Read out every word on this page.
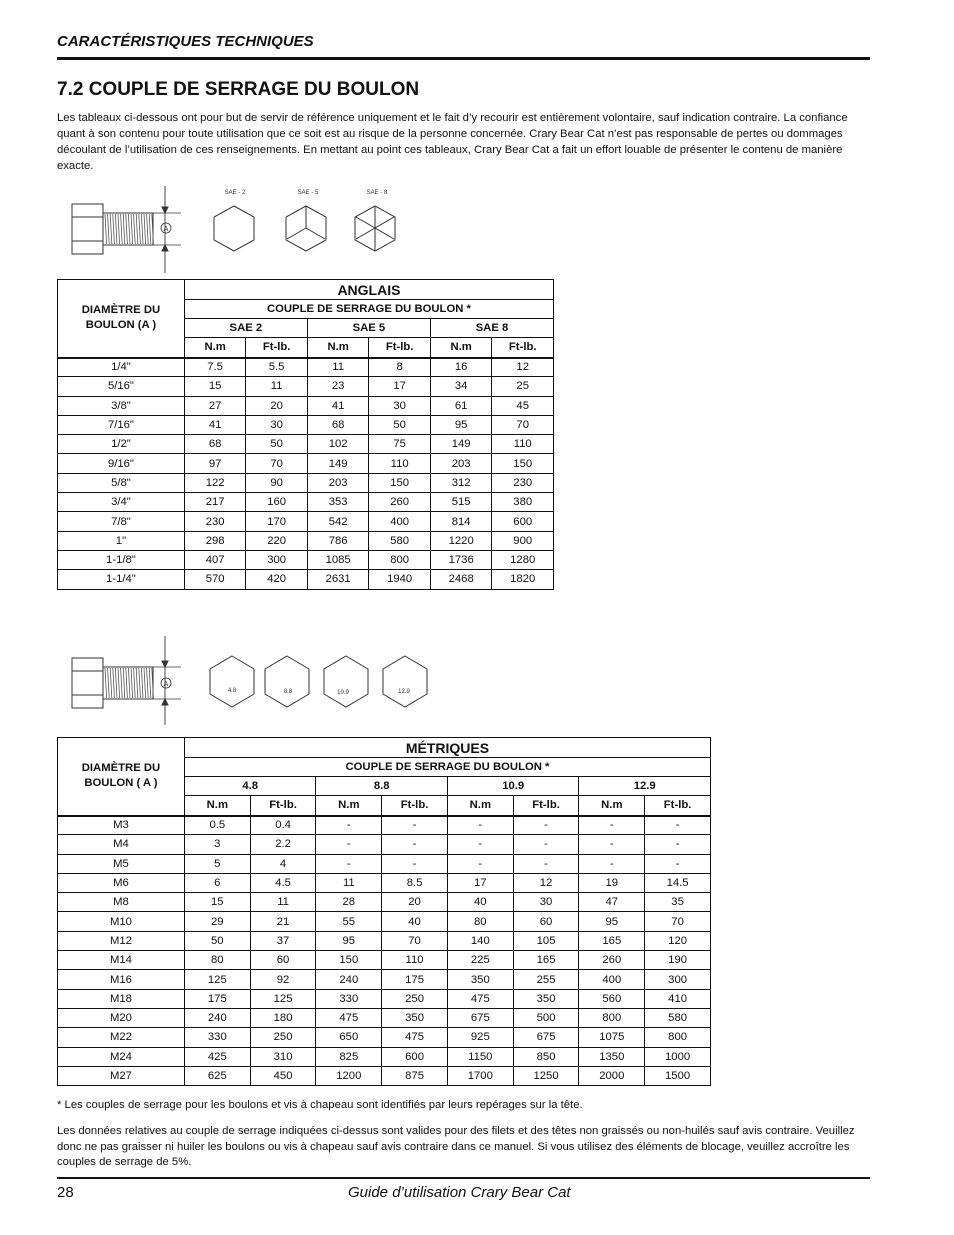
CARACTÉRISTIQUES TECHNIQUES
7.2 COUPLE DE SERRAGE DU BOULON
Les tableaux ci-dessous ont pour but de servir de référence uniquement et le fait d’y recourir est entièrement volontaire, sauf indication contraire. La confiance quant à son contenu pour toute utilisation que ce soit est au risque de la personne concernée. Crary Bear Cat n’est pas responsable de pertes ou dommages découlant de l’utilisation de ces renseignements. En mettant au point ces tableaux, Crary Bear Cat a fait un effort louable de présenter le contenu de manière exacte.
A
SAE - 2	SAE - 5	SAE - 8
DIAMÈTRE DU BOULON (A )	ANGLAIS					
	COUPLE DE SERRAGE DU BOULON *					
	SAE 2		SAE 5		SAE 8	
	N.m	Ft-lb.	N.m	Ft-lb.	N.m	Ft-lb.
1/4"	7.5	5.5	11	8	16	12
5/16"	15	11	23	17	34	25
3/8"	27	20	41	30	61	45
7/16"	41	30	68	50	95	70
1/2"	68	50	102	75	149	110
9/16"	97	70	149	110	203	150
5/8"	122	90	203	150	312	230
3/4"	217	160	353	260	515	380
7/8"	230	170	542	400	814	600
1"	298	220	786	580	1220	900
1-1/8"	407	300	1085	800	1736	1280
1-1/4"	570	420	2631	1940	2468	1820
A
4.8	8.8	10.9	12.9
DIAMÈTRE DU BOULON ( A )	MÉTRIQUES							
	COUPLE DE SERRAGE DU BOULON *							
	4.8		8.8		10.9		12.9	
	N.m	Ft-lb.	N.m	Ft-lb.	N.m	Ft-lb.	N.m	Ft-lb.
M3	0.5	0.4	-	-	-	-	-	-
M4	3	2.2	-	-	-	-	-	-
M5	5	4	-	-	-	-	-	-
M6	6	4.5	11	8.5	17	12	19	14.5
M8	15	11	28	20	40	30	47	35
M10	29	21	55	40	80	60	95	70
M12	50	37	95	70	140	105	165	120
M14	80	60	150	110	225	165	260	190
M16	125	92	240	175	350	255	400	300
M18	175	125	330	250	475	350	560	410
M20	240	180	475	350	675	500	800	580
M22	330	250	650	475	925	675	1075	800
M24	425	310	825	600	1150	850	1350	1000
M27	625	450	1200	875	1700	1250	2000	1500
* Les couples de serrage pour les boulons et vis à chapeau sont identifiés par leurs repérages sur la tête.
Les données relatives au couple de serrage indiquées ci-dessus sont valides pour des filets et des têtes non graissés ou non-huilés sauf avis contraire. Veuillez donc ne pas graisser ni huiler les boulons ou vis à chapeau sauf avis contraire dans ce manuel. Si vous utilisez des éléments de blocage, veuillez accroître les couples de serrage de 5%.
28	Guide d’utilisation Crary Bear Cat
